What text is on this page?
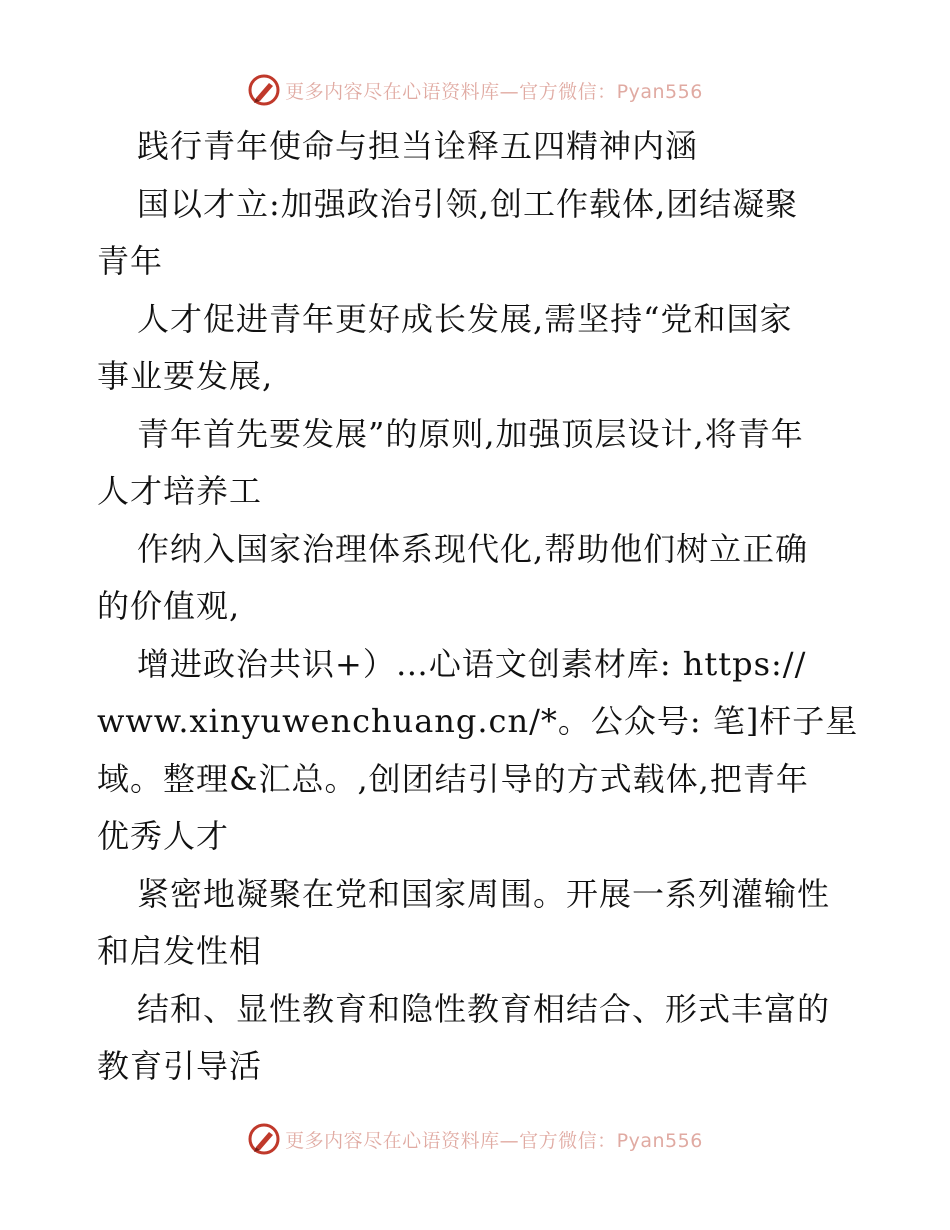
更多内容尽在心语资料库—官方微信：Pyan556
践行青年使命与担当诠释五四精神内涵
国以才立:加强政治引领,创工作载体,团结凝聚
青年
人才促进青年更好成长发展,需坚持“党和国家
事业要发展,
青年首先要发展”的原则,加强顶层设计,将青年
人才培养工
作纳入国家治理体系现代化,帮助他们树立正确
的价值观,
增进政治共识+）…心语文创素材库: https://
www.xinyuwenchuang.cn/*。公众号: 笔]杆子星
域。整理&汇总。,创团结引导的方式载体,把青年
优秀人才
紧密地凝聚在党和国家周围。开展一系列灌输性
和启发性相
结和、显性教育和隐性教育相结合、形式丰富的
教育引导活
更多内容尽在心语资料库—官方微信：Pyan556
